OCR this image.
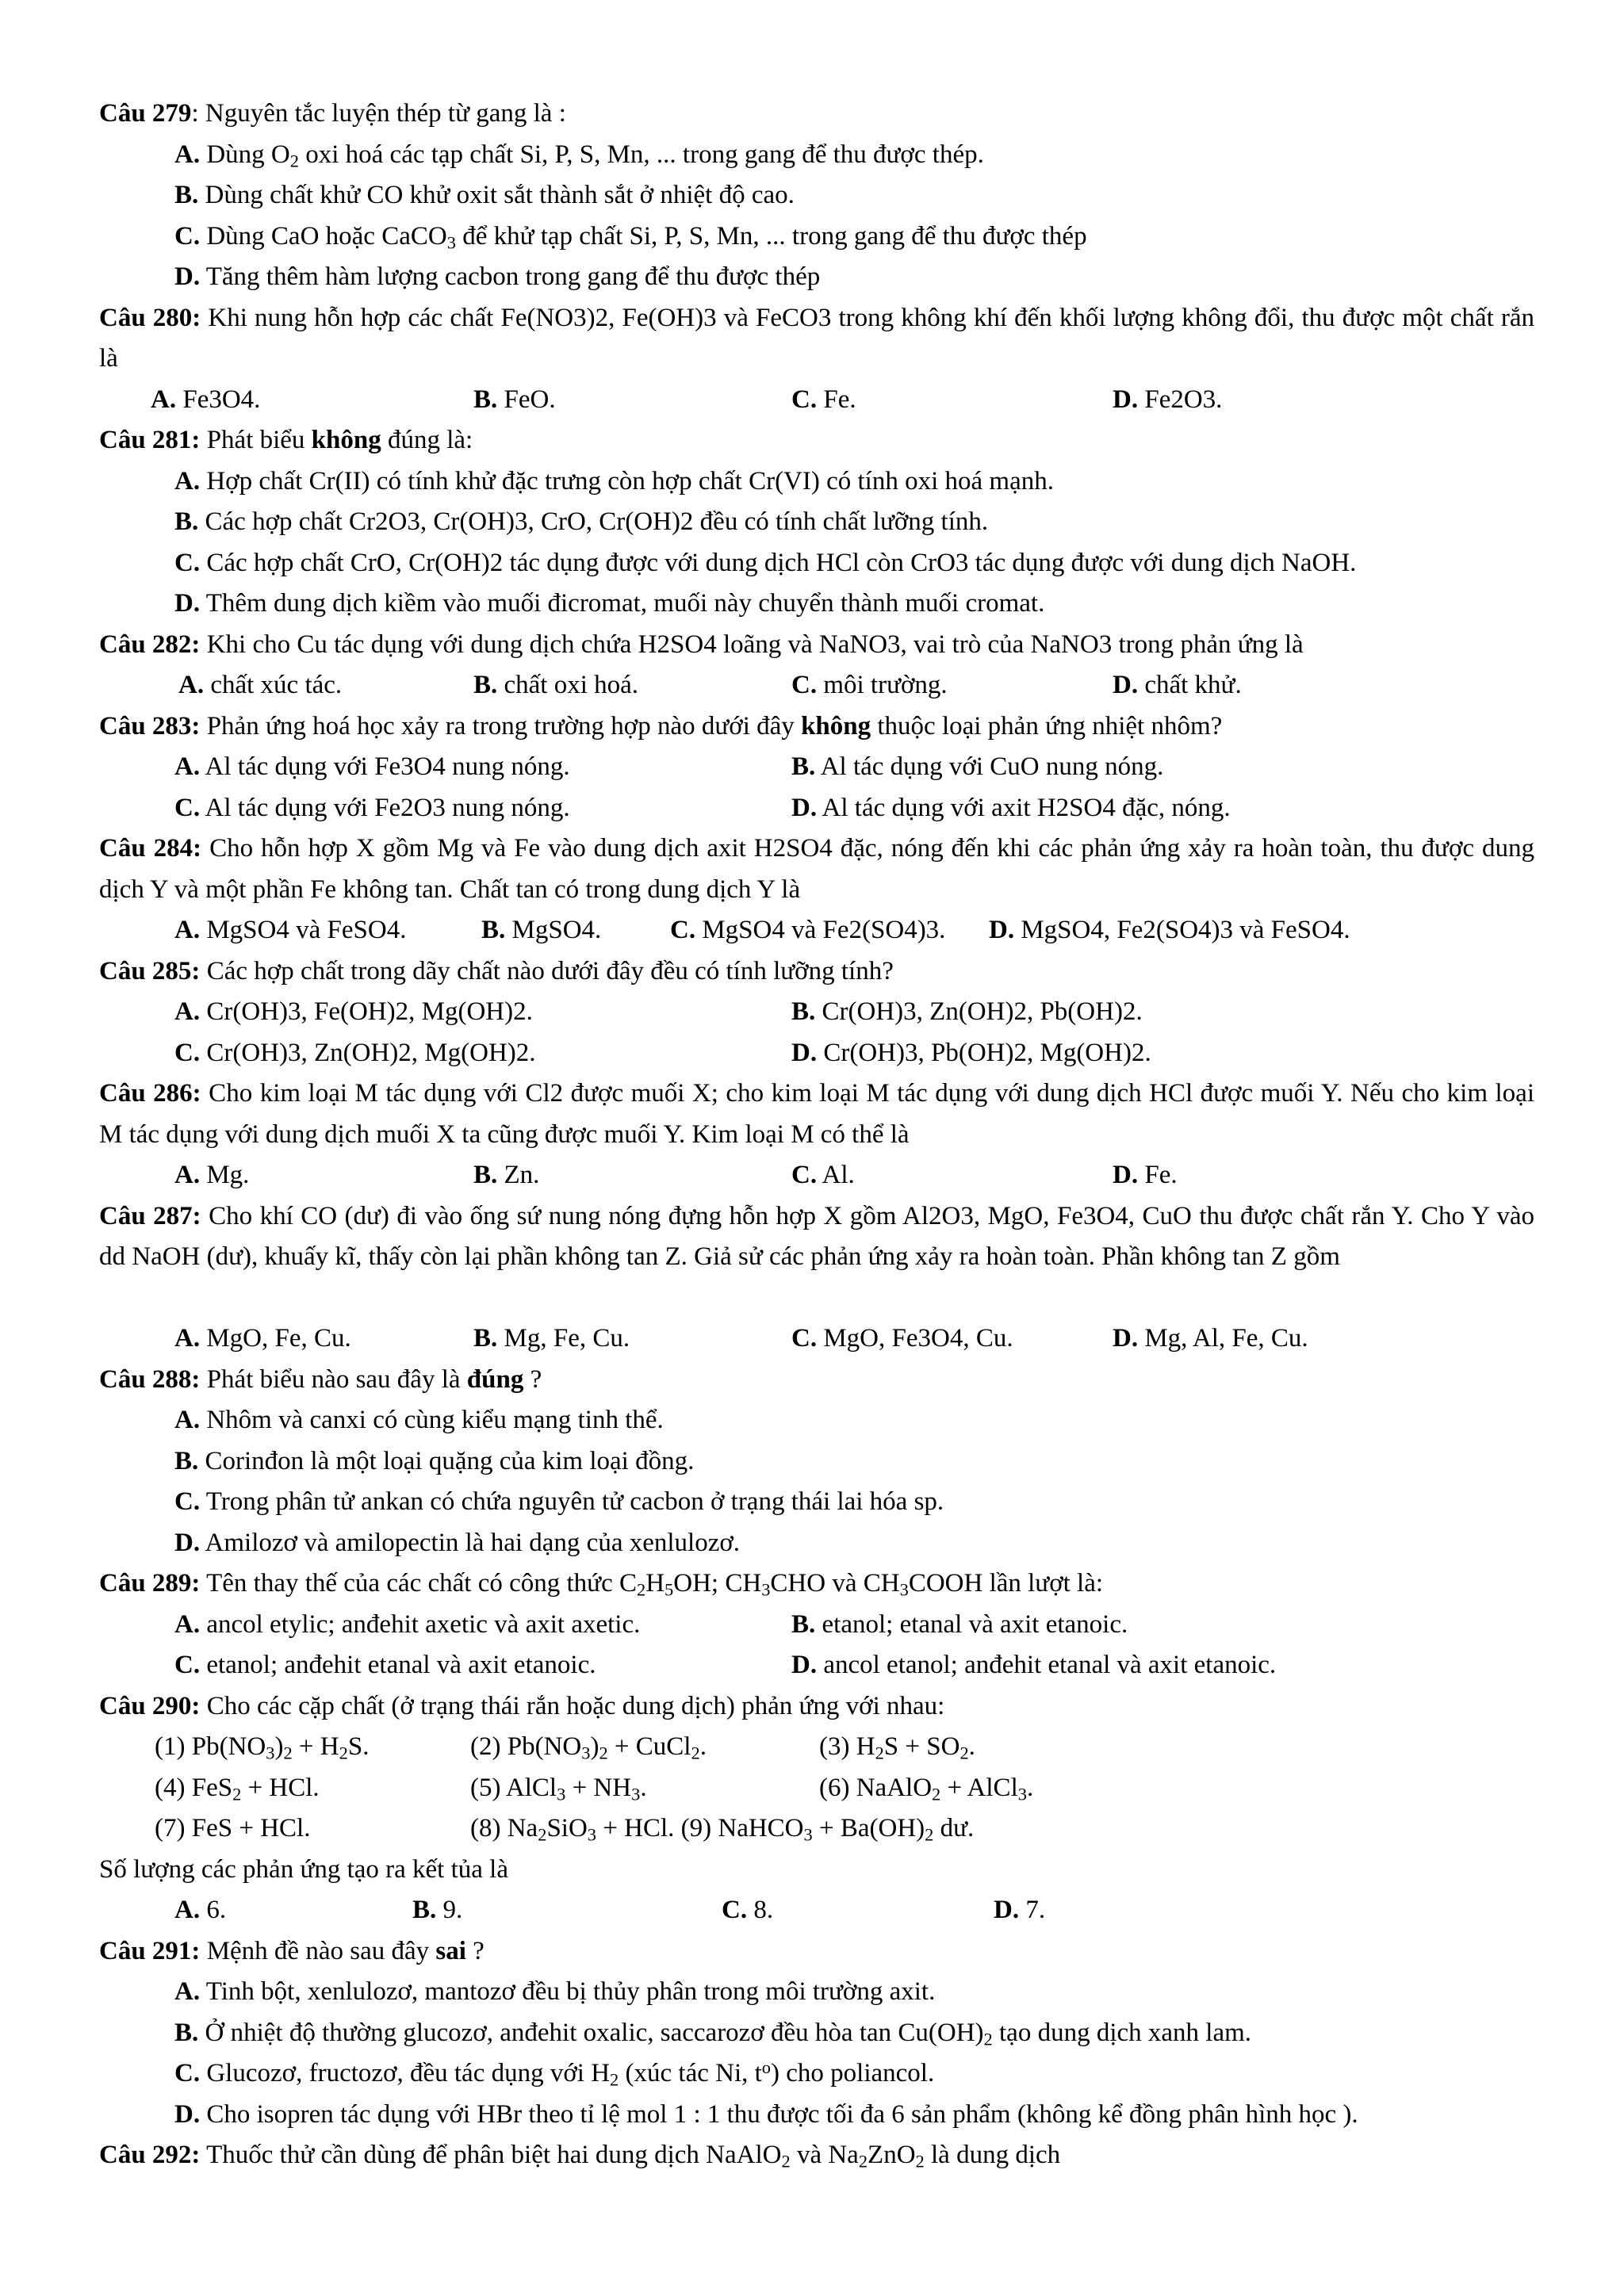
Câu 279: Nguyên tắc luyện thép từ gang là :
A. Dùng $O_2$ oxi hoá các tạp chất Si, P, S, Mn, ... trong gang để thu được thép.
B. Dùng chất khử CO khử oxit sắt thành sắt ở nhiệt độ cao.
C. Dùng CaO hoặc CaCO$_3$ để khử tạp chất Si, P, S, Mn, ... trong gang để thu được thép
D. Tăng thêm hàm lượng cacbon trong gang để thu được thép
Câu 280: Khi nung hỗn hợp các chất Fe(NO3)2, Fe(OH)3 và FeCO3 trong không khí đến khối lượng không đổi, thu được một chất rắn là
A. Fe3O4.	B. FeO.	C. Fe.	D. Fe2O3.
Câu 281: Phát biểu không đúng là:
A. Hợp chất Cr(II) có tính khử đặc trưng còn hợp chất Cr(VI) có tính oxi hoá mạnh.
B. Các hợp chất Cr2O3, Cr(OH)3, CrO, Cr(OH)2 đều có tính chất lưỡng tính.
C. Các hợp chất CrO, Cr(OH)2 tác dụng được với dung dịch HCl còn CrO3 tác dụng được với dung dịch NaOH.
D. Thêm dung dịch kiềm vào muối đicromat, muối này chuyển thành muối cromat.
Câu 282: Khi cho Cu tác dụng với dung dịch chứa H2SO4 loãng và NaNO3, vai trò của NaNO3 trong phản ứng là
A. chất xúc tác.	B. chất oxi hoá.	C. môi trường.	D. chất khử.
Câu 283: Phản ứng hoá học xảy ra trong trường hợp nào dưới đây không thuộc loại phản ứng nhiệt nhôm?
A. Al tác dụng với Fe3O4 nung nóng.	B. Al tác dụng với CuO nung nóng.
C. Al tác dụng với Fe2O3 nung nóng.	D. Al tác dụng với axit H2SO4 đặc, nóng.
Câu 284: Cho hỗn hợp X gồm Mg và Fe vào dung dịch axit H2SO4 đặc, nóng đến khi các phản ứng xảy ra hoàn toàn, thu được dung dịch Y và một phần Fe không tan. Chất tan có trong dung dịch Y là
A. MgSO4 và FeSO4.	B. MgSO4.	C. MgSO4 và Fe2(SO4)3. D. MgSO4, Fe2(SO4)3 và FeSO4.
Câu 285: Các hợp chất trong dãy chất nào dưới đây đều có tính lưỡng tính?
A. Cr(OH)3, Fe(OH)2, Mg(OH)2.	B. Cr(OH)3, Zn(OH)2, Pb(OH)2.
C. Cr(OH)3, Zn(OH)2, Mg(OH)2.	D. Cr(OH)3, Pb(OH)2, Mg(OH)2.
Câu 286: Cho kim loại M tác dụng với Cl2 được muối X; cho kim loại M tác dụng với dung dịch HCl được muối Y. Nếu cho kim loại M tác dụng với dung dịch muối X ta cũng được muối Y. Kim loại M có thể là
A. Mg.	B. Zn.	C. Al.	D. Fe.
Câu 287: Cho khí CO (dư) đi vào ống sứ nung nóng đựng hỗn hợp X gồm Al2O3, MgO, Fe3O4, CuO thu được chất rắn Y. Cho Y vào dd NaOH (dư), khuấy kĩ, thấy còn lại phần không tan Z. Giả sử các phản ứng xảy ra hoàn toàn. Phần không tan Z gồm
A. MgO, Fe, Cu.	B. Mg, Fe, Cu.	C. MgO, Fe3O4, Cu.	D. Mg, Al, Fe, Cu.
Câu 288: Phát biểu nào sau đây là đúng ?
A. Nhôm và canxi có cùng kiểu mạng tinh thể.
B. Corinđon là một loại quặng của kim loại đồng.
C. Trong phân tử ankan có chứa nguyên tử cacbon ở trạng thái lai hóa sp.
D. Amilozơ và amilopectin là hai dạng của xenlulozơ.
Câu 289: Tên thay thế của các chất có công thức $C_2H_5OH$; $CH_3CHO$ và $CH_3COOH$ lần lượt là:
A. ancol etylic; anđehit axetic và axit axetic.	B. etanol; etanal và axit etanoic.
C. etanol; anđehit etanal và axit etanoic.	D. ancol etanol; anđehit etanal và axit etanoic.
Câu 290: Cho các cặp chất (ở trạng thái rắn hoặc dung dịch) phản ứng với nhau:
(1) $Pb(NO_3)_2 + H_2S$.	(2) $Pb(NO_3)_2$ + CuCl$_2$.	(3) $H_2S + SO_2$.
(4) FeS$_2$ + HCl.	(5) AlCl$_3$ + $NH_3$.	(6) NaAlO$_2$ + AlCl$_3$.
(7) FeS + HCl.	(8) $Na_2SiO_3$ + HCl. (9) NaHCO$_3$ + $Ba(OH)_2$ dư.
Số lượng các phản ứng tạo ra kết tủa là
A. 6.	B. 9.	C. 8.	D. 7.
Câu 291: Mệnh đề nào sau đây sai ?
A. Tinh bột, xenlulozơ, mantozơ đều bị thủy phân trong môi trường axit.
B. Ở nhiệt độ thường glucozơ, anđehit oxalic, saccarozơ đều hòa $\tan Cu(OH)_2$ tạo dung dịch xanh lam.
C. Glucozơ, fructozơ, đều tác dụng với $H_2$ (xúc tác Ni, $t^o$) cho poliancol.
D. Cho isopren tác dụng với HBr theo tỉ lệ mol 1 : 1 thu được tối đa 6 sản phẩm (không kể đồng phân hình học ).
Câu 292: Thuốc thử cần dùng để phân biệt hai dung dịch NaAlO$_2$ và $Na_2ZnO_2$ là dung dịch
